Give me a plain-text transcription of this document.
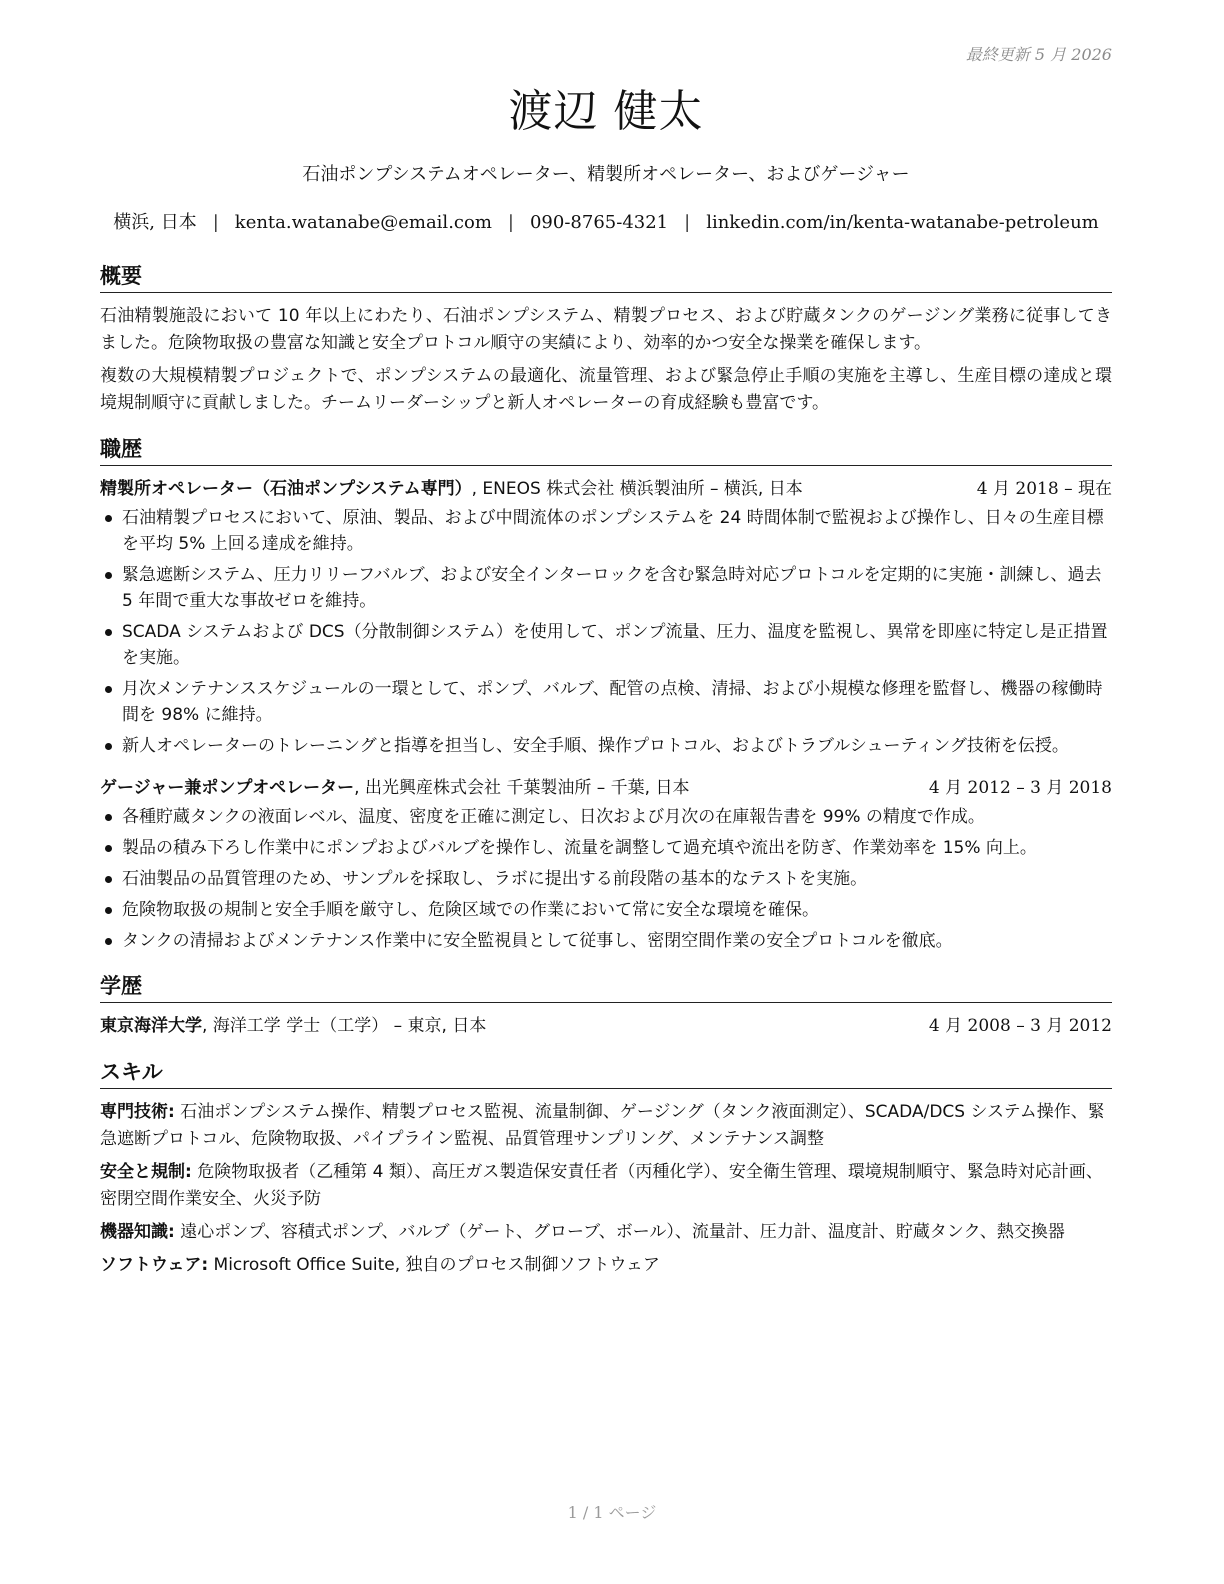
最終更新 5 月 2026
渡辺 健太
石油ポンプシステムオペレーター、精製所オペレーター、およびゲージャー
横浜, 日本 | kenta.watanabe@email.com | 090-8765-4321 | linkedin.com/in/kenta-watanabe-petroleum
概要

石油精製施設において 10 年以上にわたり、石油ポンプシステム、精製プロセス、および貯蔵タンクのゲージング業務に従事してきました。危険物取扱の豊富な知識と安全プロトコル順守の実績により、効率的かつ安全な操業を確保します。

複数の大規模精製プロジェクトで、ポンプシステムの最適化、流量管理、および緊急停止手順の実施を主導し、生産目標の達成と環境規制順守に貢献しました。チームリーダーシップと新人オペレーターの育成経験も豊富です。

職歴
精製所オペレーター（石油ポンプシステム専門）, ENEOS 株式会社 横浜製油所 – 横浜, 日本	4 月 2018 – 現在
石油精製プロセスにおいて、原油、製品、および中間流体のポンプシステムを 24 時間体制で監視および操作し、日々の生産目標を平均 5% 上回る達成を維持。
緊急遮断システム、圧力リリーフバルブ、および安全インターロックを含む緊急時対応プロトコルを定期的に実施・訓練し、過去 5 年間で重大な事故ゼロを維持。
SCADA システムおよび DCS（分散制御システム）を使用して、ポンプ流量、圧力、温度を監視し、異常を即座に特定し是正措置を実施。
月次メンテナンススケジュールの一環として、ポンプ、バルブ、配管の点検、清掃、および小規模な修理を監督し、機器の稼働時間を 98% に維持。
新人オペレーターのトレーニングと指導を担当し、安全手順、操作プロトコル、およびトラブルシューティング技術を伝授。
ゲージャー兼ポンプオペレーター, 出光興産株式会社 千葉製油所 – 千葉, 日本	4 月 2012 – 3 月 2018
各種貯蔵タンクの液面レベル、温度、密度を正確に測定し、日次および月次の在庫報告書を 99% の精度で作成。
製品の積み下ろし作業中にポンプおよびバルブを操作し、流量を調整して過充填や流出を防ぎ、作業効率を 15% 向上。
石油製品の品質管理のため、サンプルを採取し、ラボに提出する前段階の基本的なテストを実施。
危険物取扱の規制と安全手順を厳守し、危険区域での作業において常に安全な環境を確保。
タンクの清掃およびメンテナンス作業中に安全監視員として従事し、密閉空間作業の安全プロトコルを徹底。
学歴
東京海洋大学, 海洋工学 学士（工学） – 東京, 日本	4 月 2008 – 3 月 2012
スキル
専門技術: 石油ポンプシステム操作、精製プロセス監視、流量制御、ゲージング（タンク液面測定）、SCADA/DCS システム操作、緊急遮断プロトコル、危険物取扱、パイプライン監視、品質管理サンプリング、メンテナンス調整
安全と規制: 危険物取扱者（乙種第 4 類）、高圧ガス製造保安責任者（丙種化学）、安全衛生管理、環境規制順守、緊急時対応計画、密閉空間作業安全、火災予防
機器知識: 遠心ポンプ、容積式ポンプ、バルブ（ゲート、グローブ、ボール）、流量計、圧力計、温度計、貯蔵タンク、熱交換器
ソフトウェア: Microsoft Office Suite, 独自のプロセス制御ソフトウェア
1 / 1 ページ
